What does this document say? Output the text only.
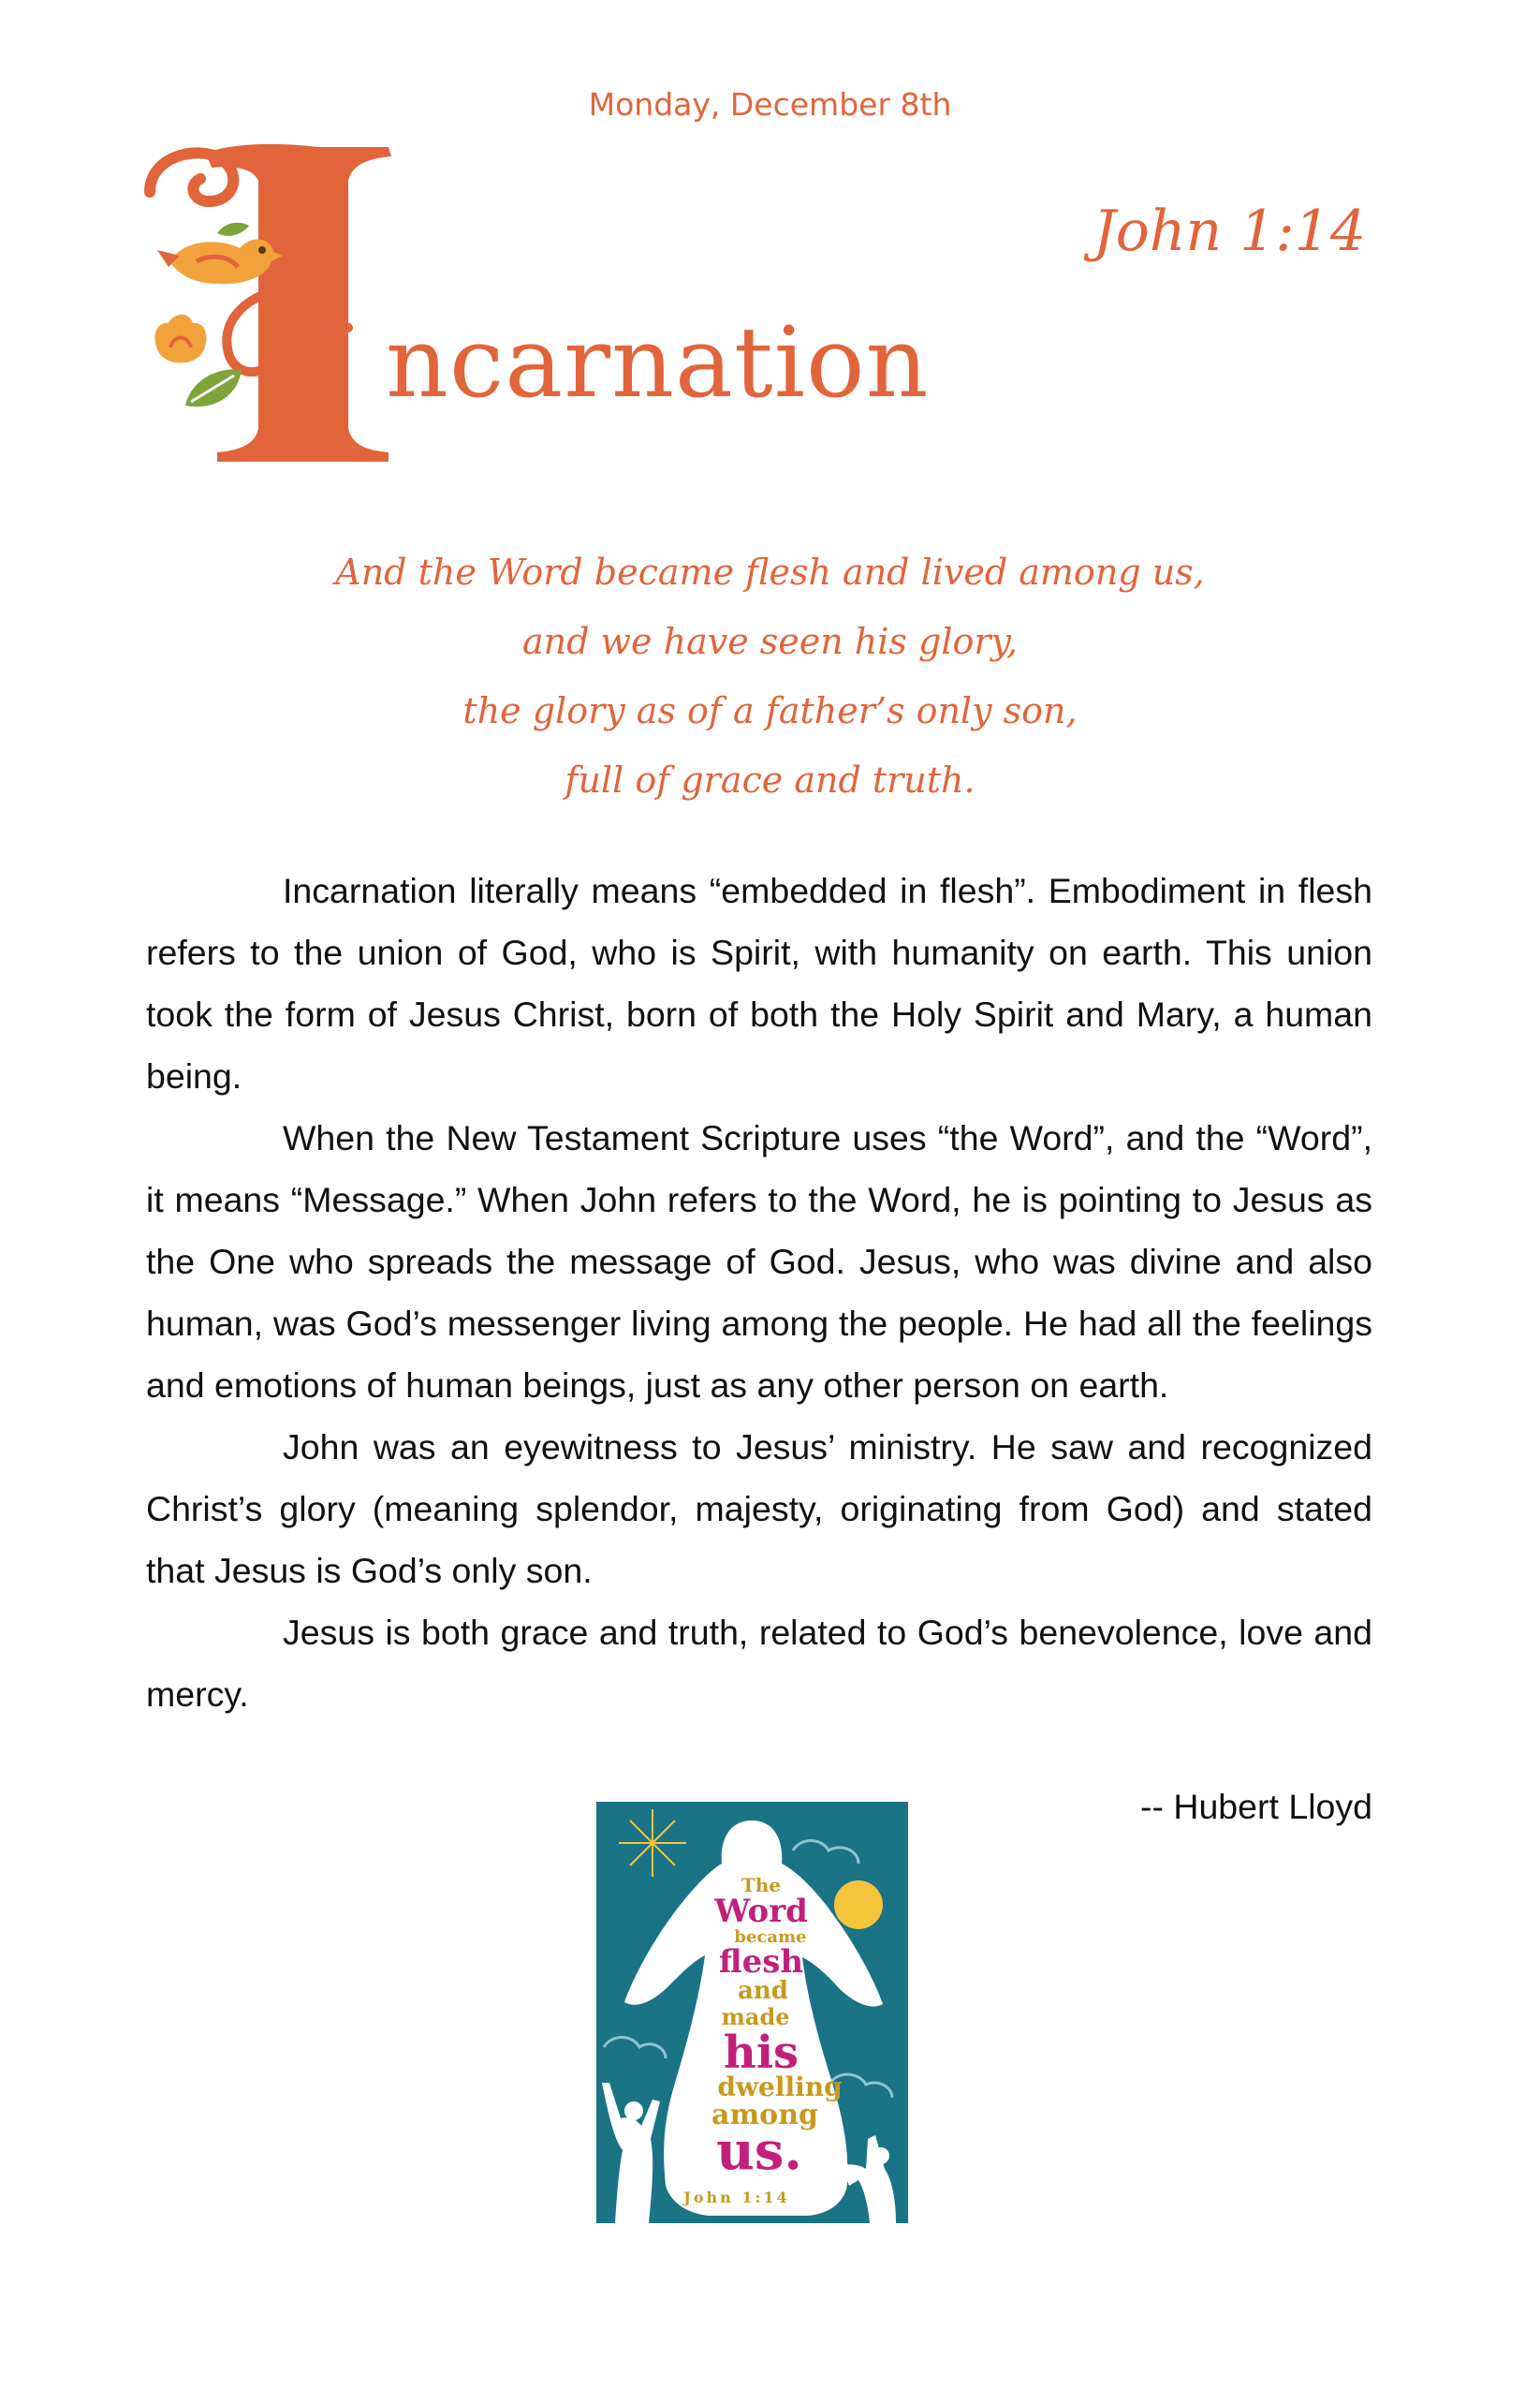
Monday, December 8th
ncarnation
John 1:14
And the Word became flesh and lived among us,
and we have seen his glory,
the glory as of a father’s only son,
full of grace and truth.

Incarnation literally means “embedded in flesh”. Embodiment in flesh refers to the union of God, who is Spirit, with humanity on earth. This union took the form of Jesus Christ, born of both the Holy Spirit and Mary, a human being.

When the New Testament Scripture uses “the Word”, and the “Word”, it means “Message.” When John refers to the Word, he is pointing to Jesus as the One who spreads the message of God. Jesus, who was divine and also human, was God’s messenger living among the people. He had all the feelings and emotions of human beings, just as any other person on earth.

John was an eyewitness to Jesus’ ministry. He saw and recognized Christ’s glory (meaning splendor, majesty, originating from God) and stated that Jesus is God’s only son.

Jesus is both grace and truth, related to God’s benevolence, love and mercy.

-- Hubert Lloyd
The
Word
became
flesh
and
made
his
dwelling
among
us.
John 1:14
